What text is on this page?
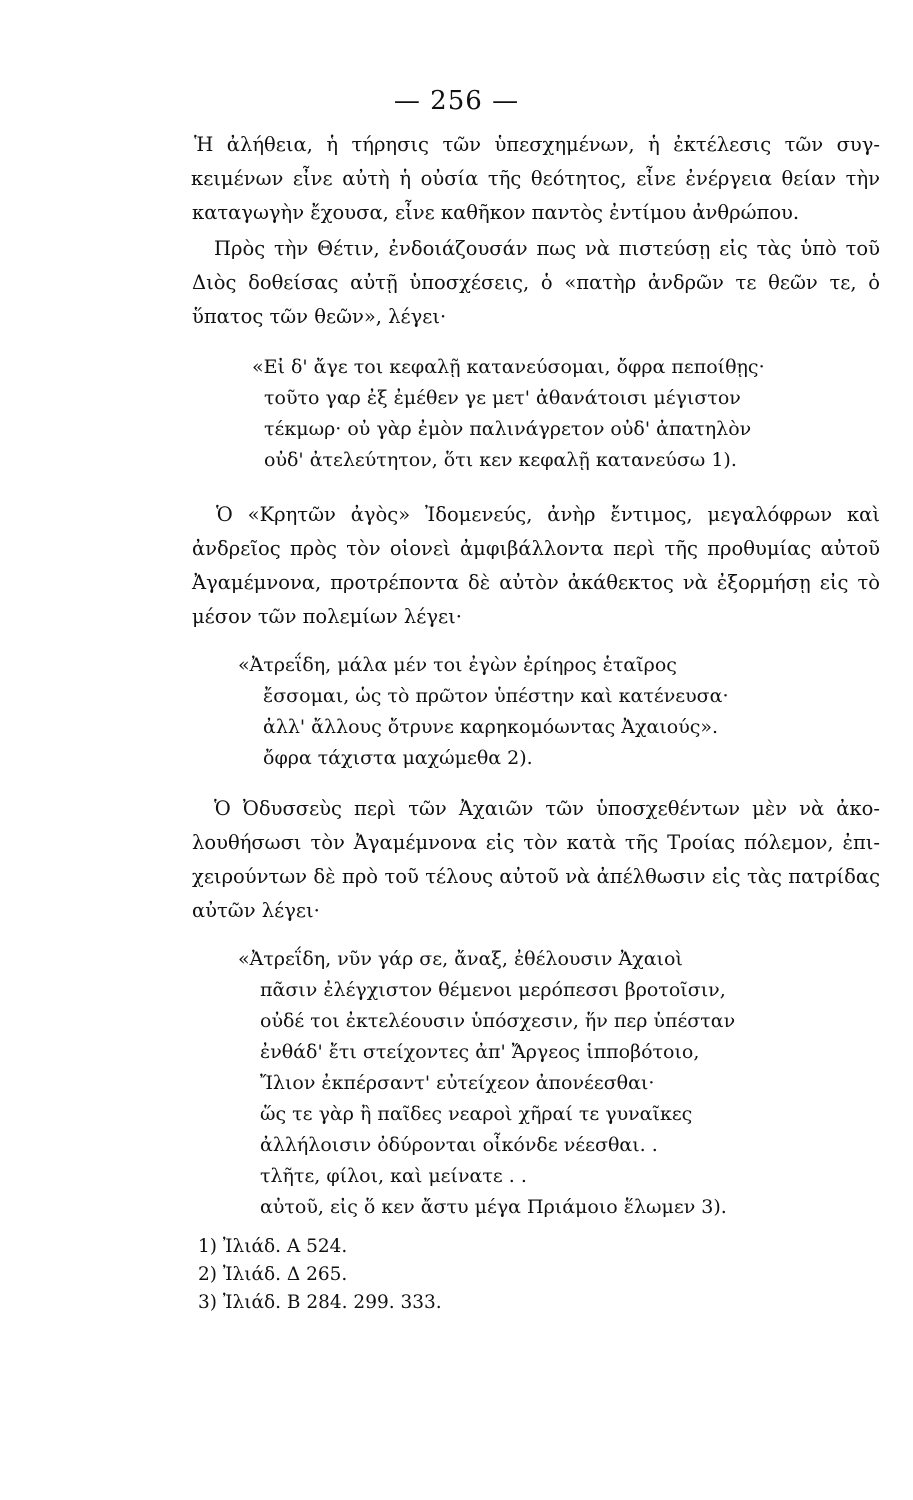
— 256 —
Ἡ ἀλήθεια, ἡ τήρησις τῶν ὑπεσχημένων, ἡ ἐκτέλεσις τῶν συγ-
κειμένων εἶνε αὐτὴ ἡ οὐσία τῆς θεότητος, εἶνε ἐνέργεια θείαν τὴν
καταγωγὴν ἔχουσα, εἶνε καθῆκον παντὸς ἐντίμου ἀνθρώπου.
Πρὸς τὴν Θέτιν, ἐνδοιάζουσάν πως νὰ πιστεύσῃ εἰς τὰς ὑπὸ τοῦ
Διὸς δοθείσας αὐτῇ ὑποσχέσεις, ὁ «πατὴρ ἀνδρῶν τε θεῶν τε, ὁ
ὕπατος τῶν θεῶν», λέγει·
«Εἰ δ' ἄγε τοι κεφαλῇ κατανεύσομαι, ὄφρα πεποίθῃς·
τοῦτο γαρ ἐξ ἐμέθεν γε μετ' ἀθανάτοισι μέγιστον
τέκμωρ· οὐ γὰρ ἐμὸν παλινάγρετον οὐδ' ἀπατηλὸν
οὐδ' ἀτελεύτητον, ὅτι κεν κεφαλῇ κατανεύσω 1).
Ὁ «Κρητῶν ἀγὸς» Ἰδομενεύς, ἀνὴρ ἔντιμος, μεγαλόφρων καὶ
ἀνδρεῖος πρὸς τὸν οἱονεὶ ἀμφιβάλλοντα περὶ τῆς προθυμίας αὐτοῦ
Ἀγαμέμνονα, προτρέποντα δὲ αὐτὸν ἀκάθεκτος νὰ ἐξορμήσῃ εἰς τὸ
μέσον τῶν πολεμίων λέγει·
«Ἀτρεΐδη, μάλα μέν τοι ἐγὼν ἐρίηρος ἑταῖρος
ἔσσομαι, ὡς τὸ πρῶτον ὑπέστην καὶ κατένευσα·
ἀλλ' ἄλλους ὄτρυνε καρηκομόωντας Ἀχαιούς».
ὄφρα τάχιστα μαχώμεθα 2).
Ὁ Ὀδυσσεὺς περὶ τῶν Ἀχαιῶν τῶν ὑποσχεθέντων μὲν νὰ ἀκο-
λουθήσωσι τὸν Ἀγαμέμνονα εἰς τὸν κατὰ τῆς Τροίας πόλεμον, ἐπι-
χειρούντων δὲ πρὸ τοῦ τέλους αὐτοῦ νὰ ἀπέλθωσιν εἰς τὰς πατρίδας
αὐτῶν λέγει·
«Ἀτρεΐδη, νῦν γάρ σε, ἄναξ, ἐθέλουσιν Ἀχαιοὶ
πᾶσιν ἐλέγχιστον θέμενοι μερόπεσσι βροτοῖσιν,
οὐδέ τοι ἐκτελέουσιν ὑπόσχεσιν, ἥν περ ὑπέσταν
ἐνθάδ' ἔτι στείχοντες ἀπ' Ἄργεος ἱπποβότοιο,
Ἴλιον ἐκπέρσαντ' εὐτείχεον ἀπονέεσθαι·
ὥς τε γὰρ ἢ παῖδες νεαροὶ χῆραί τε γυναῖκες
ἀλλήλοισιν ὀδύρονται οἶκόνδε νέεσθαι. .
τλῆτε, φίλοι, καὶ μείνατε . .
αὐτοῦ, εἰς ὅ κεν ἄστυ μέγα Πριάμοιο ἕλωμεν 3).
1) Ἰλιάδ. Α 524.
2) Ἰλιάδ. Δ 265.
3) Ἰλιάδ. Β 284. 299. 333.
